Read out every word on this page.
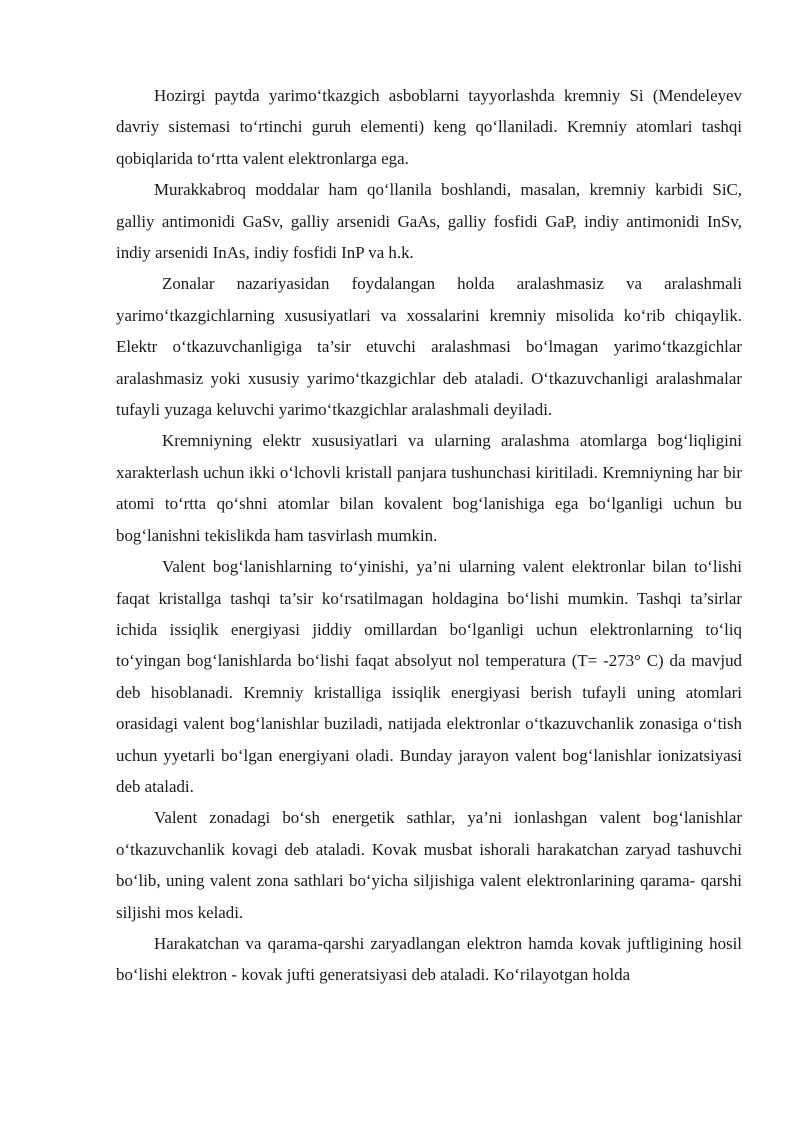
Hozirgi paytda yarimo‘tkazgich asboblarni tayyorlashda kremniy Si (Mendeleyev davriy sistemasi to‘rtinchi guruh elementi) keng qo‘llaniladi. Kremniy atomlari tashqi qobiqlarida to‘rtta valent elektronlarga ega.

Murakkabroq moddalar ham qo‘llanila boshlandi, masalan, kremniy karbidi SiC, galliy antimonidi GaSv, galliy arsenidi GaAs, galliy fosfidi GaP, indiy antimonidi InSv, indiy arsenidi InAs, indiy fosfidi InP va h.k.

Zonalar nazariyasidan foydalangan holda aralashmasiz va aralashmali yarimo‘tkazgichlarning xususiyatlari va xossalarini kremniy misolida ko‘rib chiqaylik. Elektr o‘tkazuvchanligiga ta’sir etuvchi aralashmasi bo‘lmagan yarimo‘tkazgichlar aralashmasiz yoki xususiy yarimo‘tkazgichlar deb ataladi. O‘tkazuvchanligi aralashmalar tufayli yuzaga keluvchi yarimo‘tkazgichlar aralashmali deyiladi.

Kremniyning elektr xususiyatlari va ularning aralashma atomlarga bog‘liqligini xarakterlash uchun ikki o‘lchovli kristall panjara tushunchasi kiritiladi. Kremniyning har bir atomi to‘rtta qo‘shni atomlar bilan kovalent bog‘lanishiga ega bo‘lganligi uchun bu bog‘lanishni tekislikda ham tasvirlash mumkin.

Valent bog‘lanishlarning to‘yinishi, ya’ni ularning valent elektronlar bilan to‘lishi faqat kristallga tashqi ta’sir ko‘rsatilmagan holdagina bo‘lishi mumkin. Tashqi ta’sirlar ichida issiqlik energiyasi jiddiy omillardan bo‘lganligi uchun elektronlarning to‘liq to‘yingan bog‘lanishlarda bo‘lishi faqat absolyut nol temperatura (T= -273° C) da mavjud deb hisoblanadi. Kremniy kristalliga issiqlik energiyasi berish tufayli uning atomlari orasidagi valent bog‘lanishlar buziladi, natijada elektronlar o‘tkazuvchanlik zonasiga o‘tish uchun yyetarli bo‘lgan energiyani oladi. Bunday jarayon valent bog‘lanishlar ionizatsiyasi deb ataladi.

Valent zonadagi bo‘sh energetik sathlar, ya’ni ionlashgan valent bog‘lanishlar o‘tkazuvchanlik kovagi deb ataladi. Kovak musbat ishorali harakatchan zaryad tashuvchi bo‘lib, uning valent zona sathlari bo‘yicha siljishiga valent elektronlarining qarama- qarshi siljishi mos keladi.

Harakatchan va qarama-qarshi zaryadlangan elektron hamda kovak juftligining hosil bo‘lishi elektron - kovak jufti generatsiyasi deb ataladi. Ko‘rilayotgan holda
